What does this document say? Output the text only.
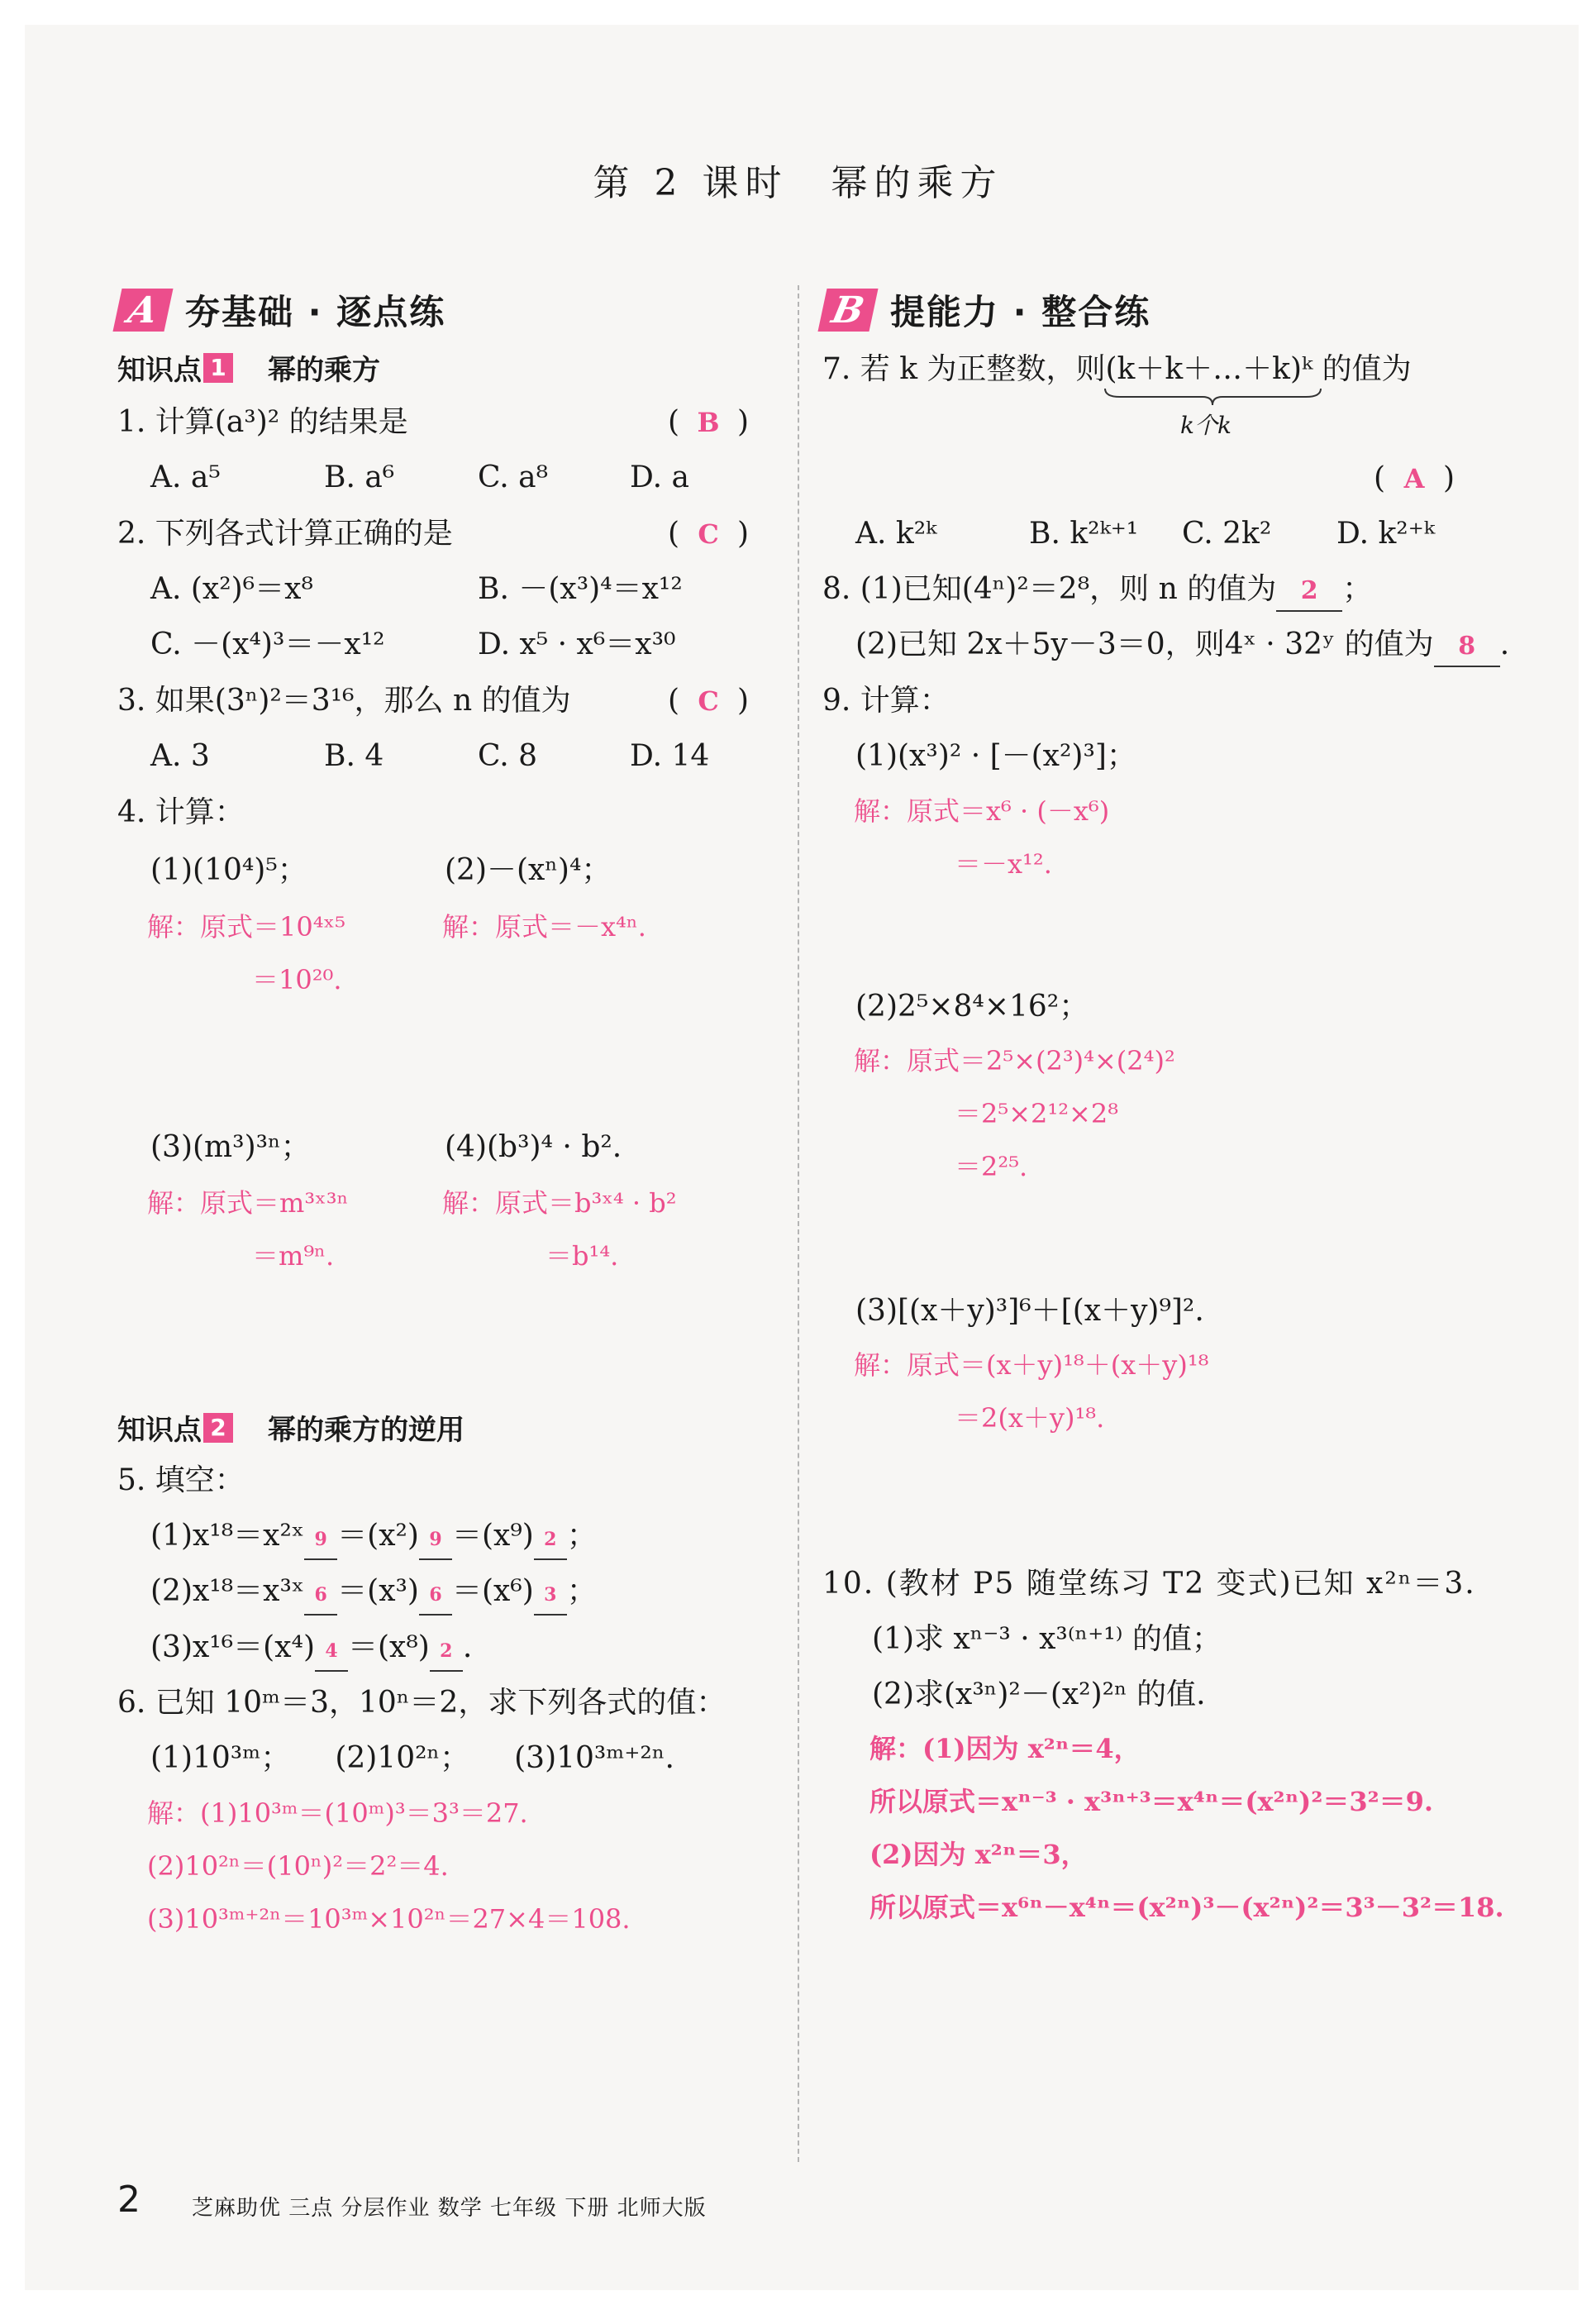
第 2 课时　幂的乘方
A 夯基础 · 逐点练	B 提能力 · 整合练
知识点 1 幂的乘方
1. 计算(a³)² 的结果是	( B )
A. a⁵	B. a⁶	C. a⁸	D. a
2. 下列各式计算正确的是	( C )
A. (x²)⁶＝x⁸	B. －(x³)⁴＝x¹²
C. －(x⁴)³＝－x¹²	D. x⁵ · x⁶＝x³⁰
3. 如果(3ⁿ)²＝3¹⁶，那么 n 的值为	( C )
A. 3	B. 4	C. 8	D. 14
4. 计算：
(1)(10⁴)⁵；
解：原式＝10⁴ˣ⁵
＝10²⁰.
(2)－(xⁿ)⁴；
解：原式＝－x⁴ⁿ.
(3)(m³)³ⁿ；
解：原式＝m³ˣ³ⁿ
＝m⁹ⁿ.
(4)(b³)⁴ · b².
解：原式＝b³ˣ⁴ · b²
＝b¹⁴.
知识点 2 幂的乘方的逆用
5. 填空：
(1)x¹⁸＝x²ˣ 9 ＝(x²) 9 ＝(x⁹) 2 ；
(2)x¹⁸＝x³ˣ 6 ＝(x³) 6 ＝(x⁶) 3 ；
(3)x¹⁶＝(x⁴) 4 ＝(x⁸) 2 .
6. 已知 10ᵐ＝3，10ⁿ＝2，求下列各式的值：
(1)10³ᵐ；　　(2)10²ⁿ；　　(3)10³ᵐ⁺²ⁿ.
解：(1)10³ᵐ＝(10ᵐ)³＝3³＝27.
(2)10²ⁿ＝(10ⁿ)²＝2²＝4.
(3)10³ᵐ⁺²ⁿ＝10³ᵐ×10²ⁿ＝27×4＝108.
7. 若 k 为正整数，则(k＋k＋…＋k)ᵏ 的值为
k个k
( A )
A. k²ᵏ	B. k²ᵏ⁺¹ C. 2k² D. k²⁺ᵏ
8. (1)已知(4ⁿ)²＝2⁸，则 n 的值为 2 ；
(2)已知 2x＋5y－3＝0，则4ˣ · 32ʸ 的值为 8 .
9. 计算：
(1)(x³)² · [－(x²)³]；
解：原式＝x⁶ · (－x⁶)
＝－x¹².
(2)2⁵×8⁴×16²；
解：原式＝2⁵×(2³)⁴×(2⁴)²
＝2⁵×2¹²×2⁸
＝2²⁵.
(3)[(x＋y)³]⁶＋[(x＋y)⁹]².
解：原式＝(x＋y)¹⁸＋(x＋y)¹⁸
＝2(x＋y)¹⁸.
10. (教材 P5 随堂练习 T2 变式)已知 x²ⁿ＝3.
(1)求 xⁿ⁻³ · x³⁽ⁿ⁺¹⁾ 的值；
(2)求(x³ⁿ)²－(x²)²ⁿ 的值.
解：(1)因为 x²ⁿ＝4，
所以原式＝xⁿ⁻³ · x³ⁿ⁺³＝x⁴ⁿ＝(x²ⁿ)²＝3²＝9.
(2)因为 x²ⁿ＝3，
所以原式＝x⁶ⁿ－x⁴ⁿ＝(x²ⁿ)³－(x²ⁿ)²＝3³－3²＝18.
2 芝麻助优 三点 分层作业 数学 七年级 下册 北师大版
